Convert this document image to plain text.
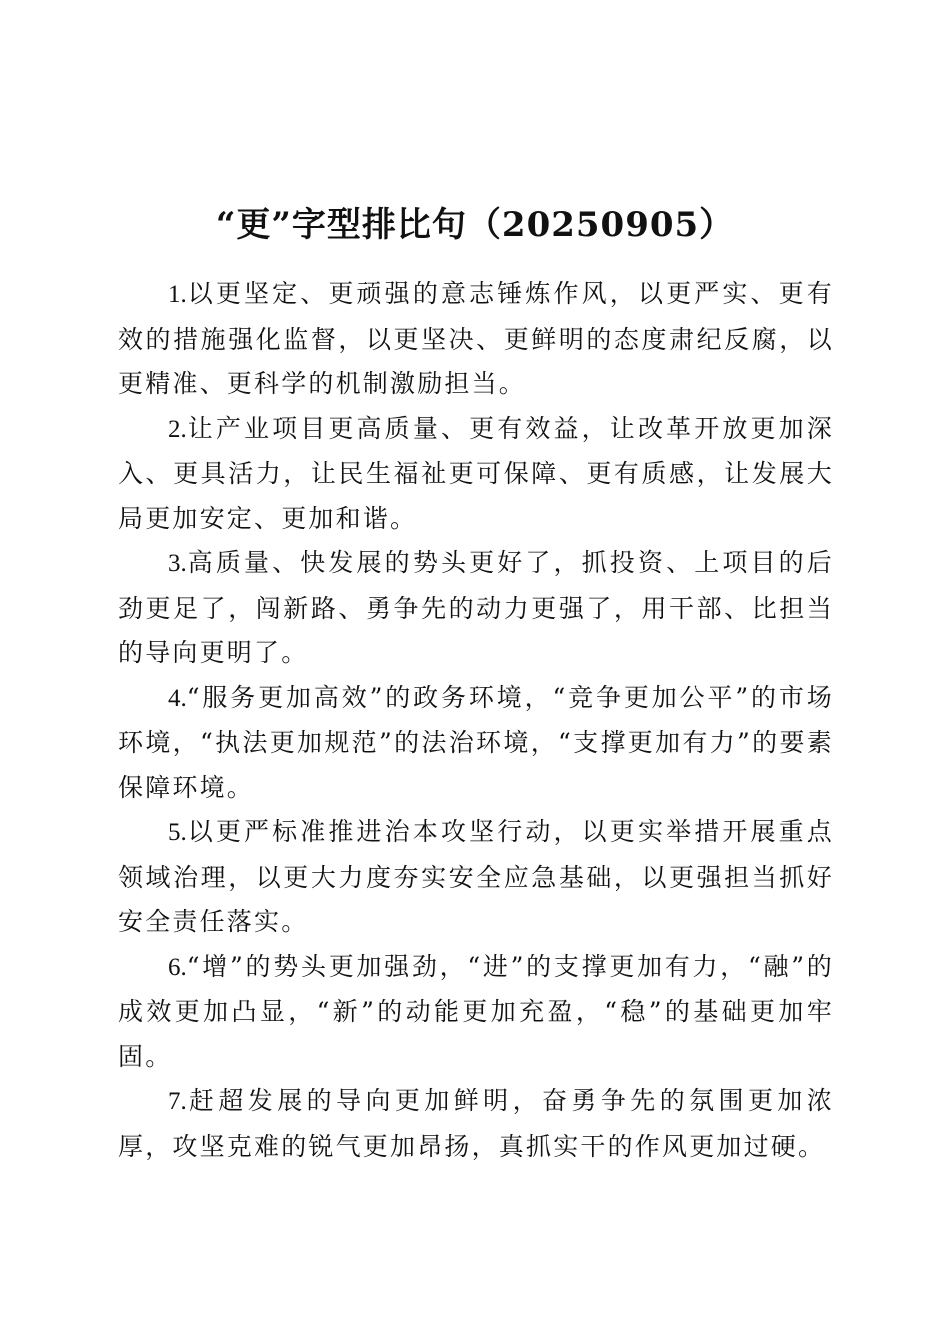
“更”字型排比句（20250905）

1.以更坚定、更顽强的意志锤炼作风，以更严实、更有效的措施强化监督，以更坚决、更鲜明的态度肃纪反腐，以更精准、更科学的机制激励担当。

2.让产业项目更高质量、更有效益，让改革开放更加深入、更具活力，让民生福祉更可保障、更有质感，让发展大局更加安定、更加和谐。

3.高质量、快发展的势头更好了，抓投资、上项目的后劲更足了，闯新路、勇争先的动力更强了，用干部、比担当的导向更明了。

4.“服务更加高效”的政务环境，“竞争更加公平”的市场环境，“执法更加规范”的法治环境，“支撑更加有力”的要素保障环境。

5.以更严标准推进治本攻坚行动，以更实举措开展重点领域治理，以更大力度夯实安全应急基础，以更强担当抓好安全责任落实。

6.“增”的势头更加强劲，“进”的支撑更加有力，“融”的成效更加凸显，“新”的动能更加充盈，“稳”的基础更加牢固。

7.赶超发展的导向更加鲜明，奋勇争先的氛围更加浓厚，攻坚克难的锐气更加昂扬，真抓实干的作风更加过硬。
